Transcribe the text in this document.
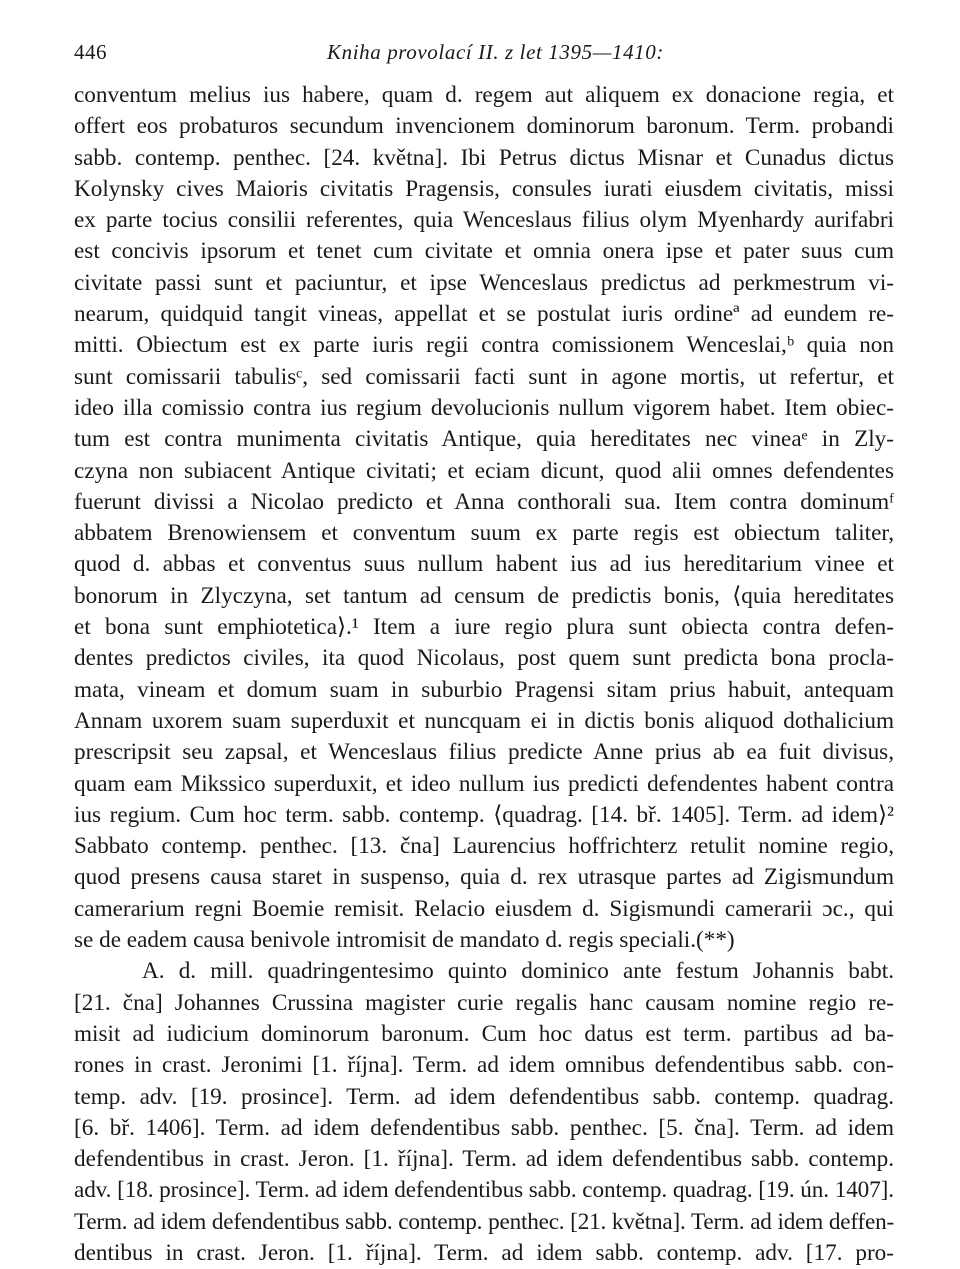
446	Kniha provolací II. z let 1395—1410:
conventum melius ius habere, quam d. regem aut aliquem ex donacione regia, et
offert eos probaturos secundum invencionem dominorum baronum. Term. probandi
sabb. contemp. penthec. [24. května]. Ibi Petrus dictus Misnar et Cunadus dictus
Kolynsky cives Maioris civitatis Pragensis, consules iurati eiusdem civitatis, missi
ex parte tocius consilii referentes, quia Wenceslaus filius olym Myenhardy aurifabri
est concivis ipsorum et tenet cum civitate et omnia onera ipse et pater suus cum
civitate passi sunt et paciuntur, et ipse Wenceslaus predictus ad perkmestrum vi-
nearum, quidquid tangit vineas, appellat et se postulat iuris ordineª ad eundem re-
mitti. Obiectum est ex parte iuris regii contra comissionem Wenceslai,ᵇ quia non
sunt comissarii tabulisᶜ, sed comissarii facti sunt in agone mortis, ut refertur, et
ideo illa comissio contra ius regium devolucionis nullum vigorem habet. Item obiec-
tum est contra munimenta civitatis Antique, quia hereditates nec vineaᵉ in Zly-
czyna non subiacent Antique civitati; et eciam dicunt, quod alii omnes defendentes
fuerunt divissi a Nicolao predicto et Anna conthorali sua. Item contra dominumᶠ
abbatem Brenowiensem et conventum suum ex parte regis est obiectum taliter,
quod d. abbas et conventus suus nullum habent ius ad ius hereditarium vinee et
bonorum in Zlyczyna, set tantum ad censum de predictis bonis, ⟨quia hereditates
et bona sunt emphiotetica⟩.¹ Item a iure regio plura sunt obiecta contra defen-
dentes predictos civiles, ita quod Nicolaus, post quem sunt predicta bona procla-
mata, vineam et domum suam in suburbio Pragensi sitam prius habuit, antequam
Annam uxorem suam superduxit et nuncquam ei in dictis bonis aliquod dothalicium
prescripsit seu zapsal, et Wenceslaus filius predicte Anne prius ab ea fuit divisus,
quam eam Mikssico superduxit, et ideo nullum ius predicti defendentes habent contra
ius regium. Cum hoc term. sabb. contemp. ⟨quadrag. [14. bř. 1405]. Term. ad idem⟩²
Sabbato contemp. penthec. [13. čna] Laurencius hoffrichterz retulit nomine regio,
quod presens causa staret in suspenso, quia d. rex utrasque partes ad Zigismundum
camerarium regni Boemie remisit. Relacio eiusdem d. Sigismundi camerarii ɔc., qui
se de eadem causa benivole intromisit de mandato d. regis speciali.(**)
A. d. mill. quadringentesimo quinto dominico ante festum Johannis babt.
[21. čna] Johannes Crussina magister curie regalis hanc causam nomine regio re-
misit ad iudicium dominorum baronum. Cum hoc datus est term. partibus ad ba-
rones in crast. Jeronimi [1. října]. Term. ad idem omnibus defendentibus sabb. con-
temp. adv. [19. prosince]. Term. ad idem defendentibus sabb. contemp. quadrag.
[6. bř. 1406]. Term. ad idem defendentibus sabb. penthec. [5. čna]. Term. ad idem
defendentibus in crast. Jeron. [1. října]. Term. ad idem defendentibus sabb. contemp.
adv. [18. prosince]. Term. ad idem defendentibus sabb. contemp. quadrag. [19. ún. 1407].
Term. ad idem defendentibus sabb. contemp. penthec. [21. května]. Term. ad idem deffen-
dentibus in crast. Jeron. [1. října]. Term. ad idem sabb. contemp. adv. [17. pro-
